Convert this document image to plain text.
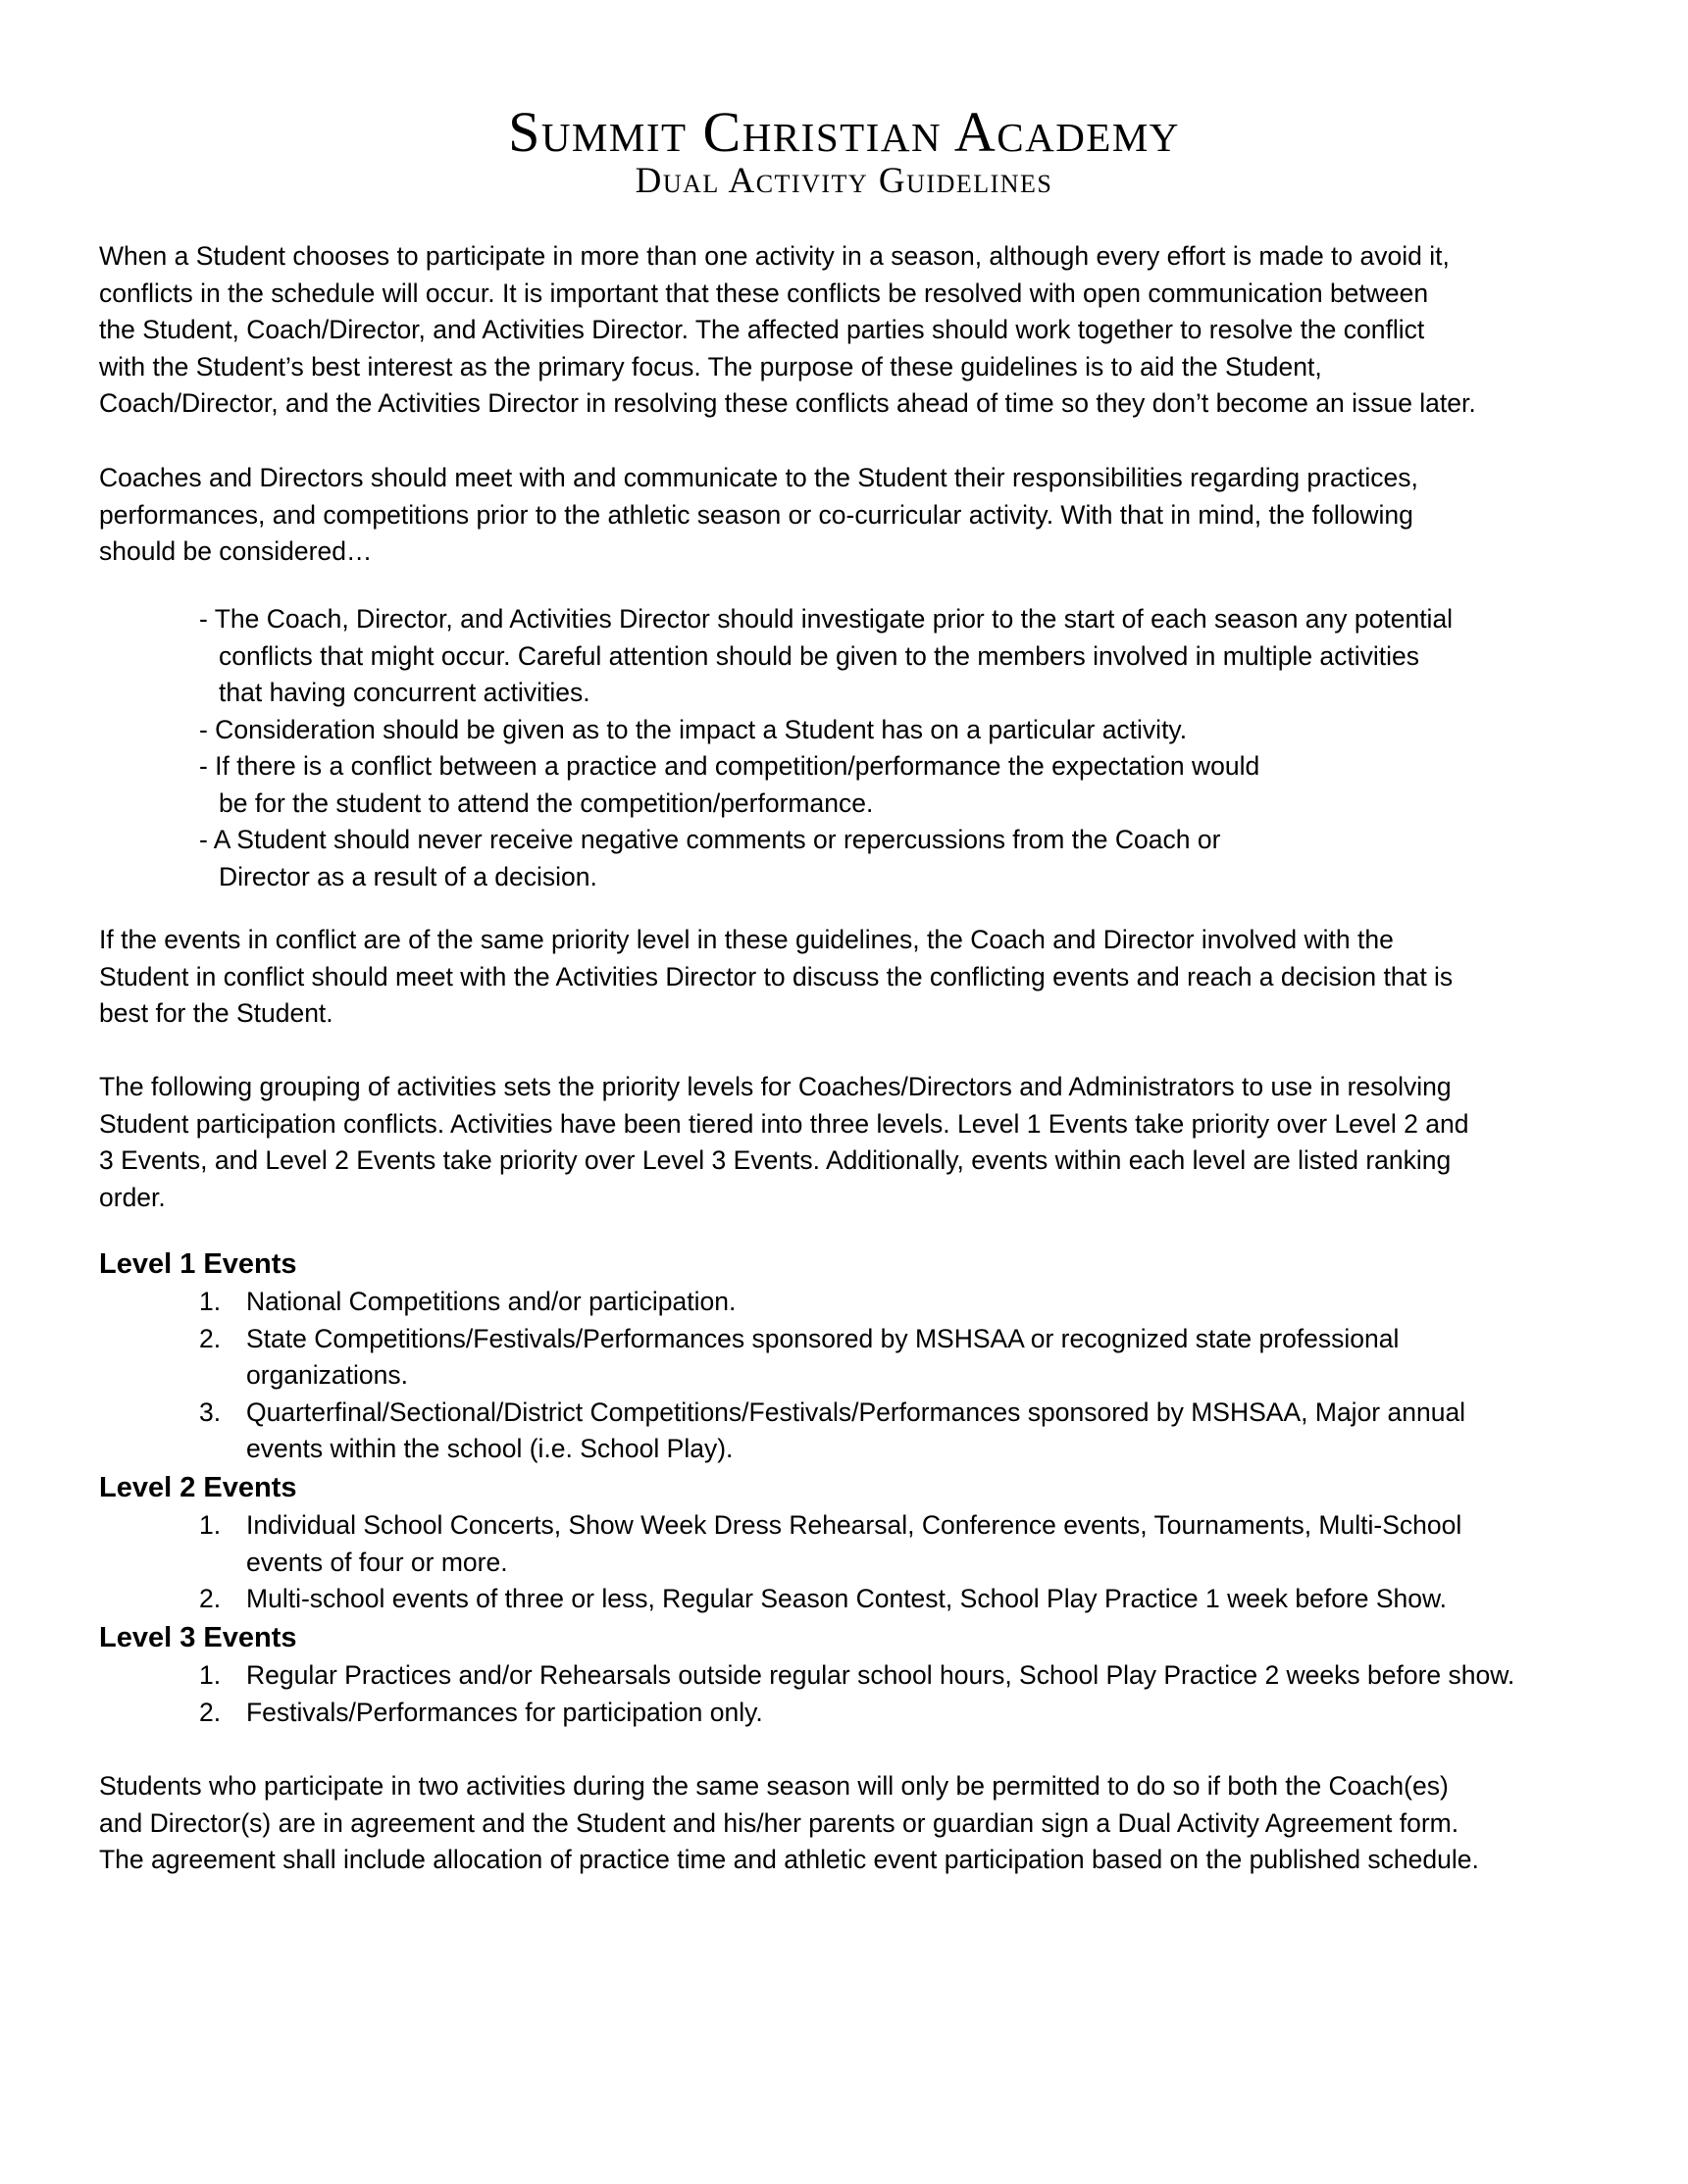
Summit Christian Academy
Dual Activity Guidelines

When a Student chooses to participate in more than one activity in a season, although every effort is made to avoid it,
conflicts in the schedule will occur. It is important that these conflicts be resolved with open communication between
the Student, Coach/Director, and Activities Director. The affected parties should work together to resolve the conflict
with the Student’s best interest as the primary focus. The purpose of these guidelines is to aid the Student,
Coach/Director, and the Activities Director in resolving these conflicts ahead of time so they don’t become an issue later.

Coaches and Directors should meet with and communicate to the Student their responsibilities regarding practices,
performances, and competitions prior to the athletic season or co-curricular activity. With that in mind, the following
should be considered…

- The Coach, Director, and Activities Director should investigate prior to the start of each season any potential
conflicts that might occur. Careful attention should be given to the members involved in multiple activities
that having concurrent activities.
- Consideration should be given as to the impact a Student has on a particular activity.
- If there is a conflict between a practice and competition/performance the expectation would
be for the student to attend the competition/performance.
- A Student should never receive negative comments or repercussions from the Coach or
Director as a result of a decision.

If the events in conflict are of the same priority level in these guidelines, the Coach and Director involved with the
Student in conflict should meet with the Activities Director to discuss the conflicting events and reach a decision that is
best for the Student.

The following grouping of activities sets the priority levels for Coaches/Directors and Administrators to use in resolving
Student participation conflicts. Activities have been tiered into three levels. Level 1 Events take priority over Level 2 and
3 Events, and Level 2 Events take priority over Level 3 Events. Additionally, events within each level are listed ranking
order.

Level 1 Events
1. National Competitions and/or participation.
2. State Competitions/Festivals/Performances sponsored by MSHSAA or recognized state professional
organizations.
3. Quarterfinal/Sectional/District Competitions/Festivals/Performances sponsored by MSHSAA, Major annual
events within the school (i.e. School Play).
Level 2 Events
1. Individual School Concerts, Show Week Dress Rehearsal, Conference events, Tournaments, Multi-School
events of four or more.
2. Multi-school events of three or less, Regular Season Contest, School Play Practice 1 week before Show.
Level 3 Events
1. Regular Practices and/or Rehearsals outside regular school hours, School Play Practice 2 weeks before show.
2. Festivals/Performances for participation only.

Students who participate in two activities during the same season will only be permitted to do so if both the Coach(es)
and Director(s) are in agreement and the Student and his/her parents or guardian sign a Dual Activity Agreement form.
The agreement shall include allocation of practice time and athletic event participation based on the published schedule.
